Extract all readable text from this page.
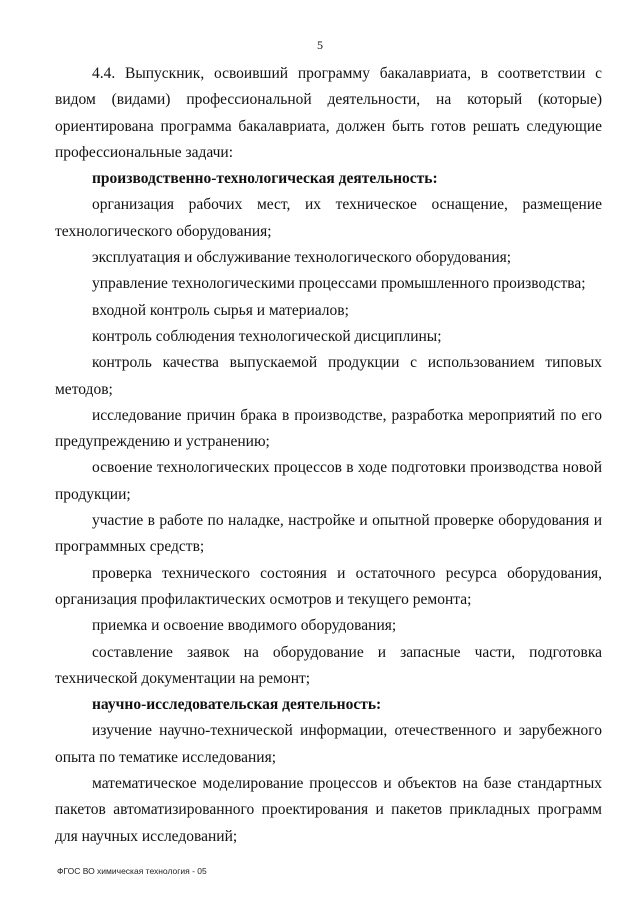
5

4.4. Выпускник, освоивший программу бакалавриата, в соответствии с видом (видами) профессиональной деятельности, на который (которые) ориентирована программа бакалавриата, должен быть готов решать следующие профессиональные задачи:

производственно-технологическая деятельность:

организация рабочих мест, их техническое оснащение, размещение технологического оборудования;

эксплуатация и обслуживание технологического оборудования;

управление технологическими процессами промышленного производства;

входной контроль сырья и материалов;

контроль соблюдения технологической дисциплины;

контроль качества выпускаемой продукции с использованием типовых методов;

исследование причин брака в производстве, разработка мероприятий по его предупреждению и устранению;

освоение технологических процессов в ходе подготовки производства новой продукции;

участие в работе по наладке, настройке и опытной проверке оборудования и программных средств;

проверка технического состояния и остаточного ресурса оборудования, организация профилактических осмотров и текущего ремонта;

приемка и освоение вводимого оборудования;

составление заявок на оборудование и запасные части, подготовка технической документации на ремонт;

научно-исследовательская деятельность:

изучение научно-технической информации, отечественного и зарубежного опыта по тематике исследования;

математическое моделирование процессов и объектов на базе стандартных пакетов автоматизированного проектирования и пакетов прикладных программ для научных исследований;

ФГОС ВО химическая технология - 05
